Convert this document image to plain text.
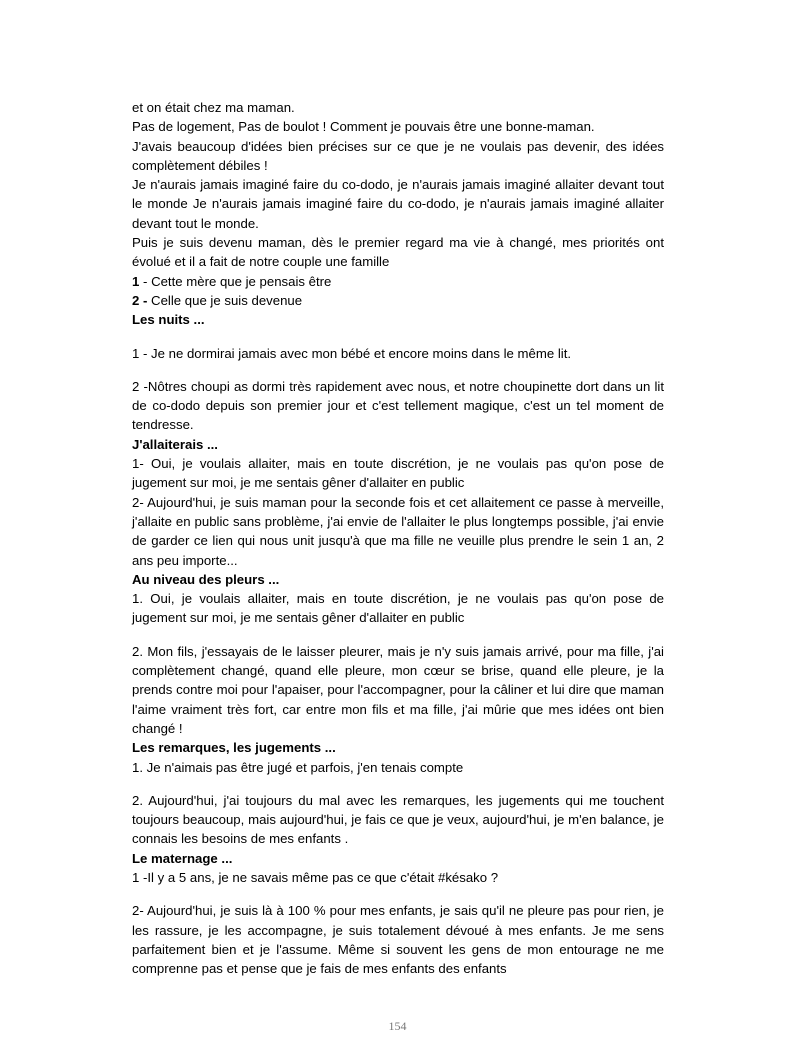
et on était chez ma maman.

Pas de logement, Pas de boulot ! Comment je pouvais être une bonne-maman.

J'avais beaucoup d'idées bien précises sur ce que je ne voulais pas devenir, des idées complètement débiles !

Je n'aurais jamais imaginé faire du co-dodo, je n'aurais jamais imaginé allaiter devant tout le monde Je n'aurais jamais imaginé faire du co-dodo, je n'aurais jamais imaginé allaiter devant tout le monde.

Puis je suis devenu maman, dès le premier regard ma vie à changé, mes priorités ont évolué et il a fait de notre couple une famille

1 - Cette mère que je pensais être

2 - Celle que je suis devenue

Les nuits ...

1 - Je ne dormirai jamais avec mon bébé et encore moins dans le même lit.

2 -Nôtres choupi as dormi très rapidement avec nous, et notre choupinette dort dans un lit de co-dodo depuis son premier jour et c'est tellement magique, c'est un tel moment de tendresse.

J'allaiterais ...

1- Oui, je voulais allaiter, mais en toute discrétion, je ne voulais pas qu'on pose de jugement sur moi, je me sentais gêner d'allaiter en public

2- Aujourd'hui, je suis maman pour la seconde fois et cet allaitement ce passe à merveille, j'allaite en public sans problème, j'ai envie de l'allaiter le plus longtemps possible, j'ai envie de garder ce lien qui nous unit jusqu'à que ma fille ne veuille plus prendre le sein 1 an, 2 ans peu importe...

Au niveau des pleurs ...

1. Oui, je voulais allaiter, mais en toute discrétion, je ne voulais pas qu'on pose de jugement sur moi, je me sentais gêner d'allaiter en public

2. Mon fils, j'essayais de le laisser pleurer, mais je n'y suis jamais arrivé, pour ma fille, j'ai complètement changé, quand elle pleure, mon cœur se brise, quand elle pleure, je la prends contre moi pour l'apaiser, pour l'accompagner, pour la câliner et lui dire que maman l'aime vraiment très fort, car entre mon fils et ma fille, j'ai mûrie que mes idées ont bien changé !

Les remarques, les jugements ...

1. Je n'aimais pas être jugé et parfois, j'en tenais compte

2. Aujourd'hui, j'ai toujours du mal avec les remarques, les jugements qui me touchent toujours beaucoup, mais aujourd'hui, je fais ce que je veux, aujourd'hui, je m'en balance, je connais les besoins de mes enfants .

Le maternage ...

1 -Il y a 5 ans, je ne savais même pas ce que c'était #késako ?

2- Aujourd'hui, je suis là à 100 % pour mes enfants, je sais qu'il ne pleure pas pour rien, je les rassure, je les accompagne, je suis totalement dévoué à mes enfants. Je me sens parfaitement bien et je l'assume. Même si souvent les gens de mon entourage ne me comprenne pas et pense que je fais de mes enfants des enfants

154
